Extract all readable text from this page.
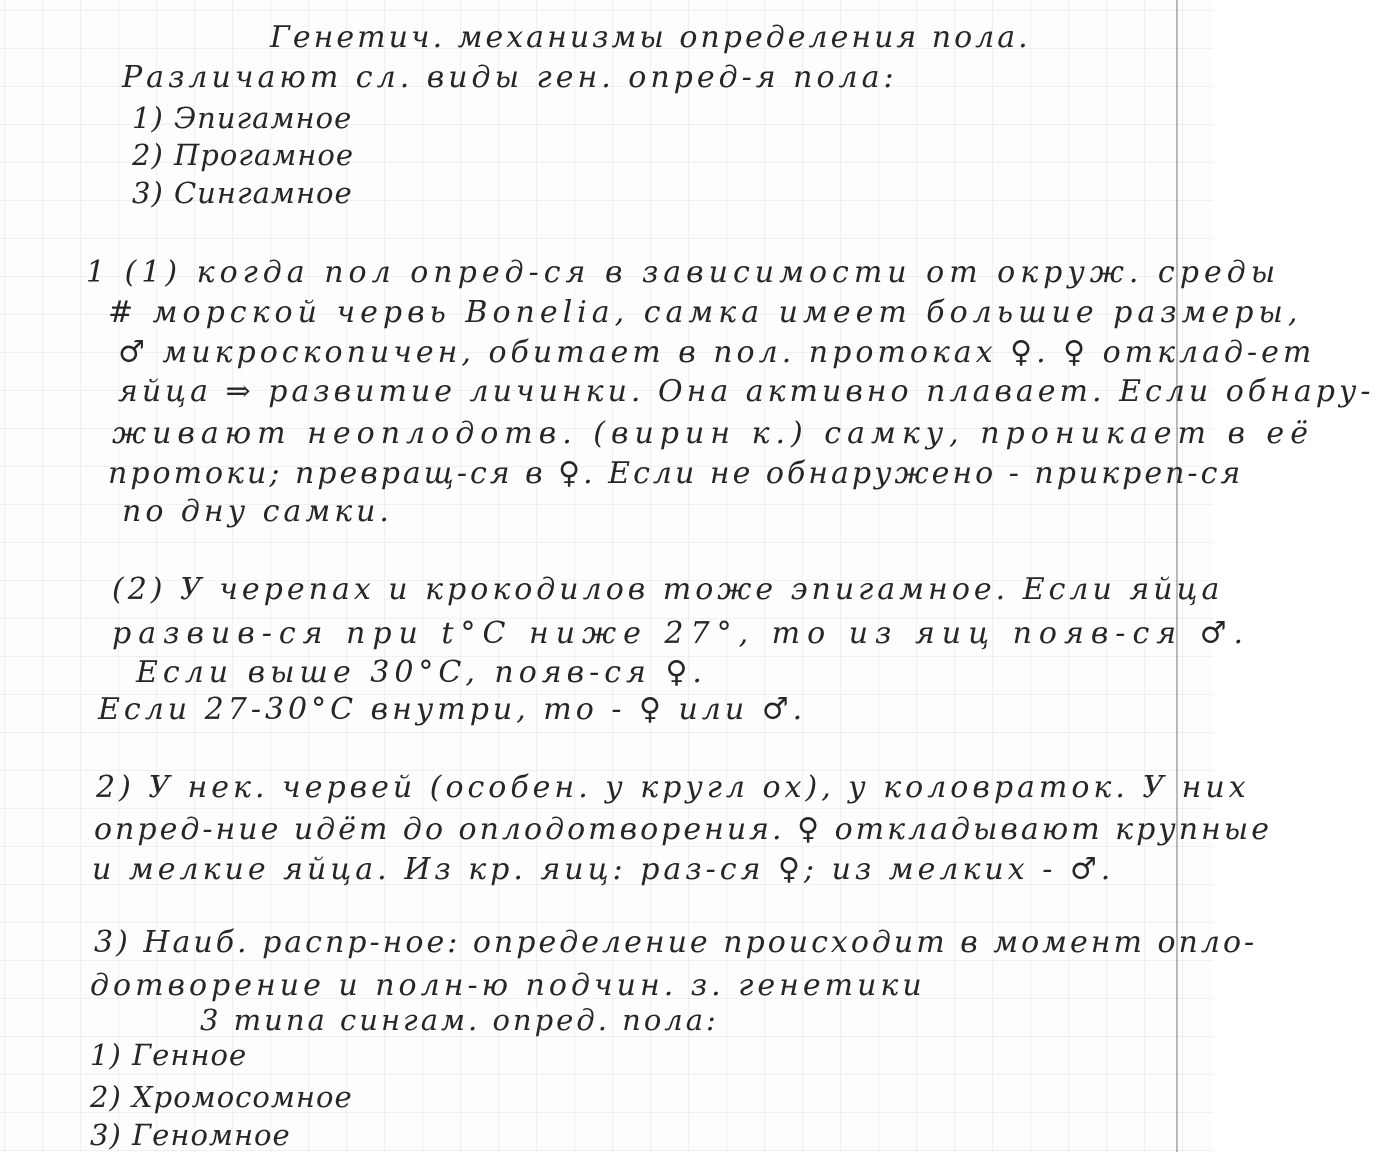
Генетич. механизмы определения пола.
Различают сл. виды ген. опред-я пола:
1) Эпигамное
2) Прогамное
3) Сингамное
1 (1) когда пол опред-ся в зависимости от окруж. среды
# морской червь Bonelia, самка имеет большие размеры,
♂ микроскопичен, обитает в пол. протоках ♀. ♀ отклад-ет
яйца ⇒ развитие личинки. Она активно плавает. Если обнару-
живают неоплодотв. (вирин к.) самку, проникает в её
протоки; превращ-ся в ♀. Если не обнаружено - прикреп-ся
по дну самки.
(2) У черепах и крокодилов тоже эпигамное. Если яйца
развив-ся при t°C ниже 27°, то из яиц появ-ся ♂.
Если выше 30°C, появ-ся ♀.
Если 27-30°C внутри, то - ♀ или ♂.
2) У нек. червей (особен. у кругл ох), у коловраток. У них
опред-ние идёт до оплодотворения. ♀ откладывают крупные
и мелкие яйца. Из кр. яиц: раз-ся ♀; из мелких - ♂.
3) Наиб. распр-ное: определение происходит в момент опло-
дотворение и полн-ю подчин. з. генетики
3 типа сингам. опред. пола:
1) Генное
2) Хромосомное
3) Геномное
